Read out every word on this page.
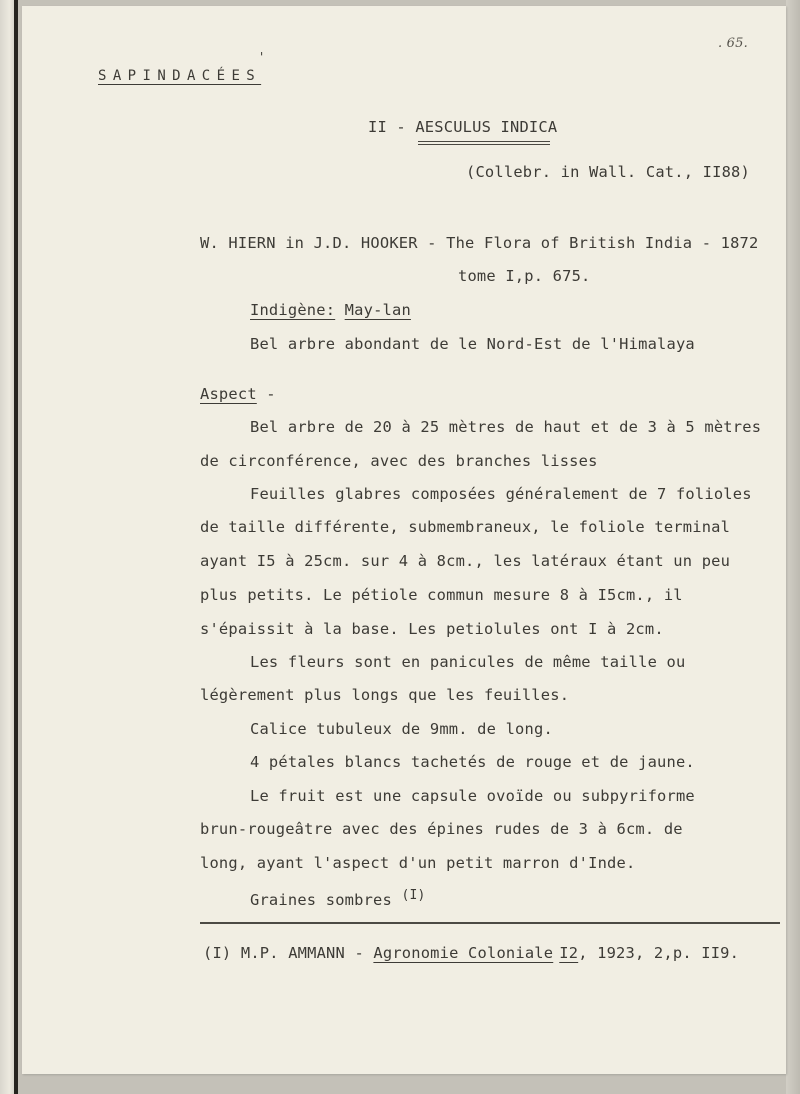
. 65.
'
SAPINDACÉES
II - AESCULUS INDICA
(Collebr. in Wall. Cat., II88)
W. HIERN in J.D. HOOKER - The Flora of British India - 1872
tome I,p. 675.
Indigène: May-lan
Bel arbre abondant de le Nord-Est de l'Himalaya
Aspect -
Bel arbre de 20 à 25 mètres de haut et de 3 à 5 mètres
de circonférence, avec des branches lisses
Feuilles glabres composées généralement de 7 folioles
de taille différente, submembraneux, le foliole terminal
ayant I5 à 25cm. sur 4 à 8cm., les latéraux étant un peu
plus petits. Le pétiole commun mesure 8 à I5cm., il
s'épaissit à la base. Les petiolules ont I à 2cm.
Les fleurs sont en panicules de même taille ou
légèrement plus longs que les feuilles.
Calice tubuleux de 9mm. de long.
4 pétales blancs tachetés de rouge et de jaune.
Le fruit est une capsule ovoïde ou subpyriforme
brun-rougeâtre avec des épines rudes de 3 à 6cm. de
long, ayant l'aspect d'un petit marron d'Inde.
Graines sombres $^{(I)}$
(I) M.P. AMMANN - Agronomie Coloniale I2, 1923, 2,p. II9.
